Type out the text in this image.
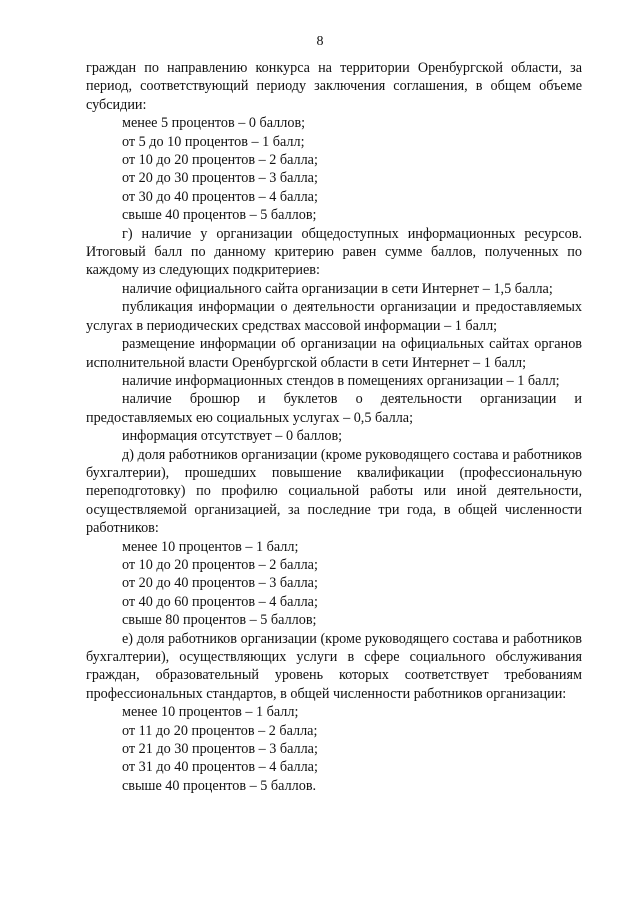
8

граждан по направлению конкурса на территории Оренбургской области, за период, соответствующий периоду заключения соглашения, в общем объеме субсидии:

менее 5 процентов – 0 баллов;

от 5 до 10 процентов – 1 балл;

от 10 до 20 процентов – 2 балла;

от 20 до 30 процентов – 3 балла;

от 30 до 40 процентов – 4 балла;

свыше 40 процентов – 5 баллов;

г) наличие у организации общедоступных информационных ресурсов. Итоговый балл по данному критерию равен сумме баллов, полученных по каждому из следующих подкритериев:

наличие официального сайта организации в сети Интернет – 1,5 балла;

публикация информации о деятельности организации и предоставляемых услугах в периодических средствах массовой информации – 1 балл;

размещение информации об организации на официальных сайтах органов исполнительной власти Оренбургской области в сети Интернет – 1 балл;

наличие информационных стендов в помещениях организации – 1 балл;

наличие брошюр и буклетов о деятельности организации и предоставляемых ею социальных услугах – 0,5 балла;

информация отсутствует – 0 баллов;

д) доля работников организации (кроме руководящего состава и работников бухгалтерии), прошедших повышение квалификации (профессиональную переподготовку) по профилю социальной работы или иной деятельности, осуществляемой организацией, за последние три года, в общей численности работников:

менее 10 процентов – 1 балл;

от 10 до 20 процентов – 2 балла;

от 20 до 40 процентов – 3 балла;

от 40 до 60 процентов – 4 балла;

свыше 80 процентов – 5 баллов;

е) доля работников организации (кроме руководящего состава и работников бухгалтерии), осуществляющих услуги в сфере социального обслуживания граждан, образовательный уровень которых соответствует требованиям профессиональных стандартов, в общей численности работников организации:

менее 10 процентов – 1 балл;

от 11 до 20 процентов – 2 балла;

от 21 до 30 процентов – 3 балла;

от 31 до 40 процентов – 4 балла;

свыше 40 процентов – 5 баллов.
